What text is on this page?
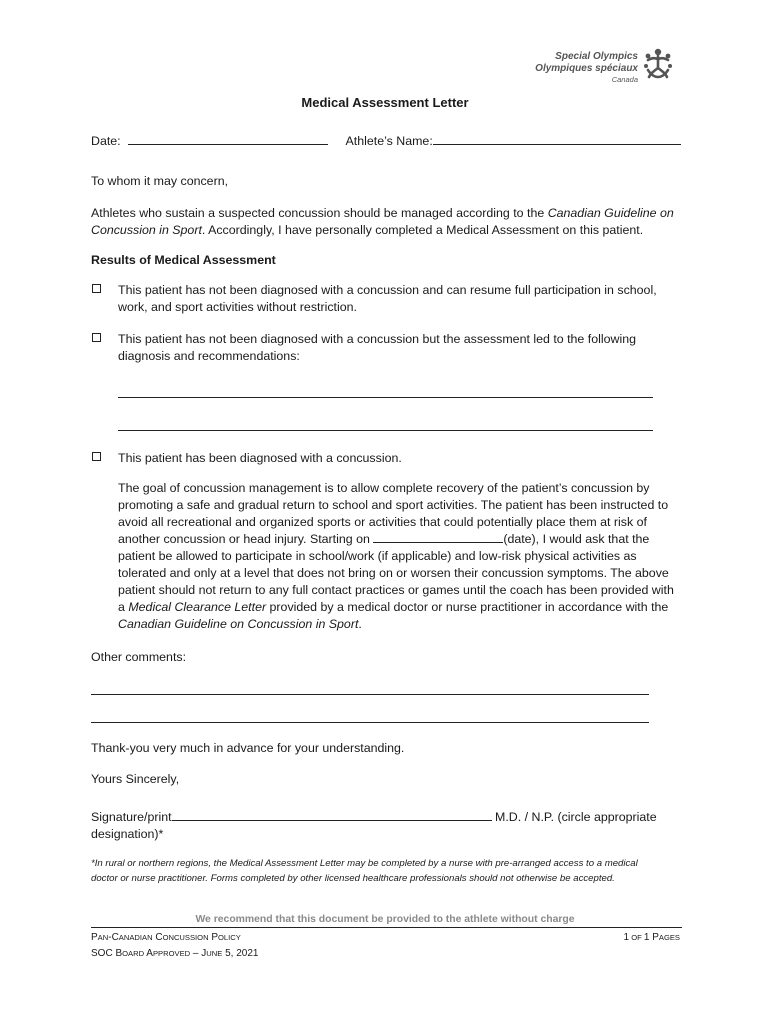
Special Olympics
Olympiques spéciaux
Canada
Medical Assessment Letter
Date:	Athlete’s Name:
To whom it may concern,
Athletes who sustain a suspected concussion should be managed according to the Canadian Guideline on Concussion in Sport. Accordingly, I have personally completed a Medical Assessment on this patient.
Results of Medical Assessment
This patient has not been diagnosed with a concussion and can resume full participation in school, work, and sport activities without restriction.
This patient has not been diagnosed with a concussion but the assessment led to the following diagnosis and recommendations:
This patient has been diagnosed with a concussion.
The goal of concussion management is to allow complete recovery of the patient’s concussion by promoting a safe and gradual return to school and sport activities. The patient has been instructed to avoid all recreational and organized sports or activities that could potentially place them at risk of another concussion or head injury. Starting on	(date), I would ask that the patient be allowed to participate in school/work (if applicable) and low-risk physical activities as tolerated and only at a level that does not bring on or worsen their concussion symptoms. The above patient should not return to any full contact practices or games until the coach has been provided with a Medical Clearance Letter provided by a medical doctor or nurse practitioner in accordance with the Canadian Guideline on Concussion in Sport.
Other comments:
Thank-you very much in advance for your understanding.
Yours Sincerely,
Signature/print	M.D. / N.P. (circle appropriate
designation)*
*In rural or northern regions, the Medical Assessment Letter may be completed by a nurse with pre-arranged access to a medical doctor or nurse practitioner. Forms completed by other licensed healthcare professionals should not otherwise be accepted.
We recommend that this document be provided to the athlete without charge
PAN-CANADIAN CONCUSSION POLICY
SOC BOARD APPROVED – JUNE 5, 2021
1 OF 1 PAGES
